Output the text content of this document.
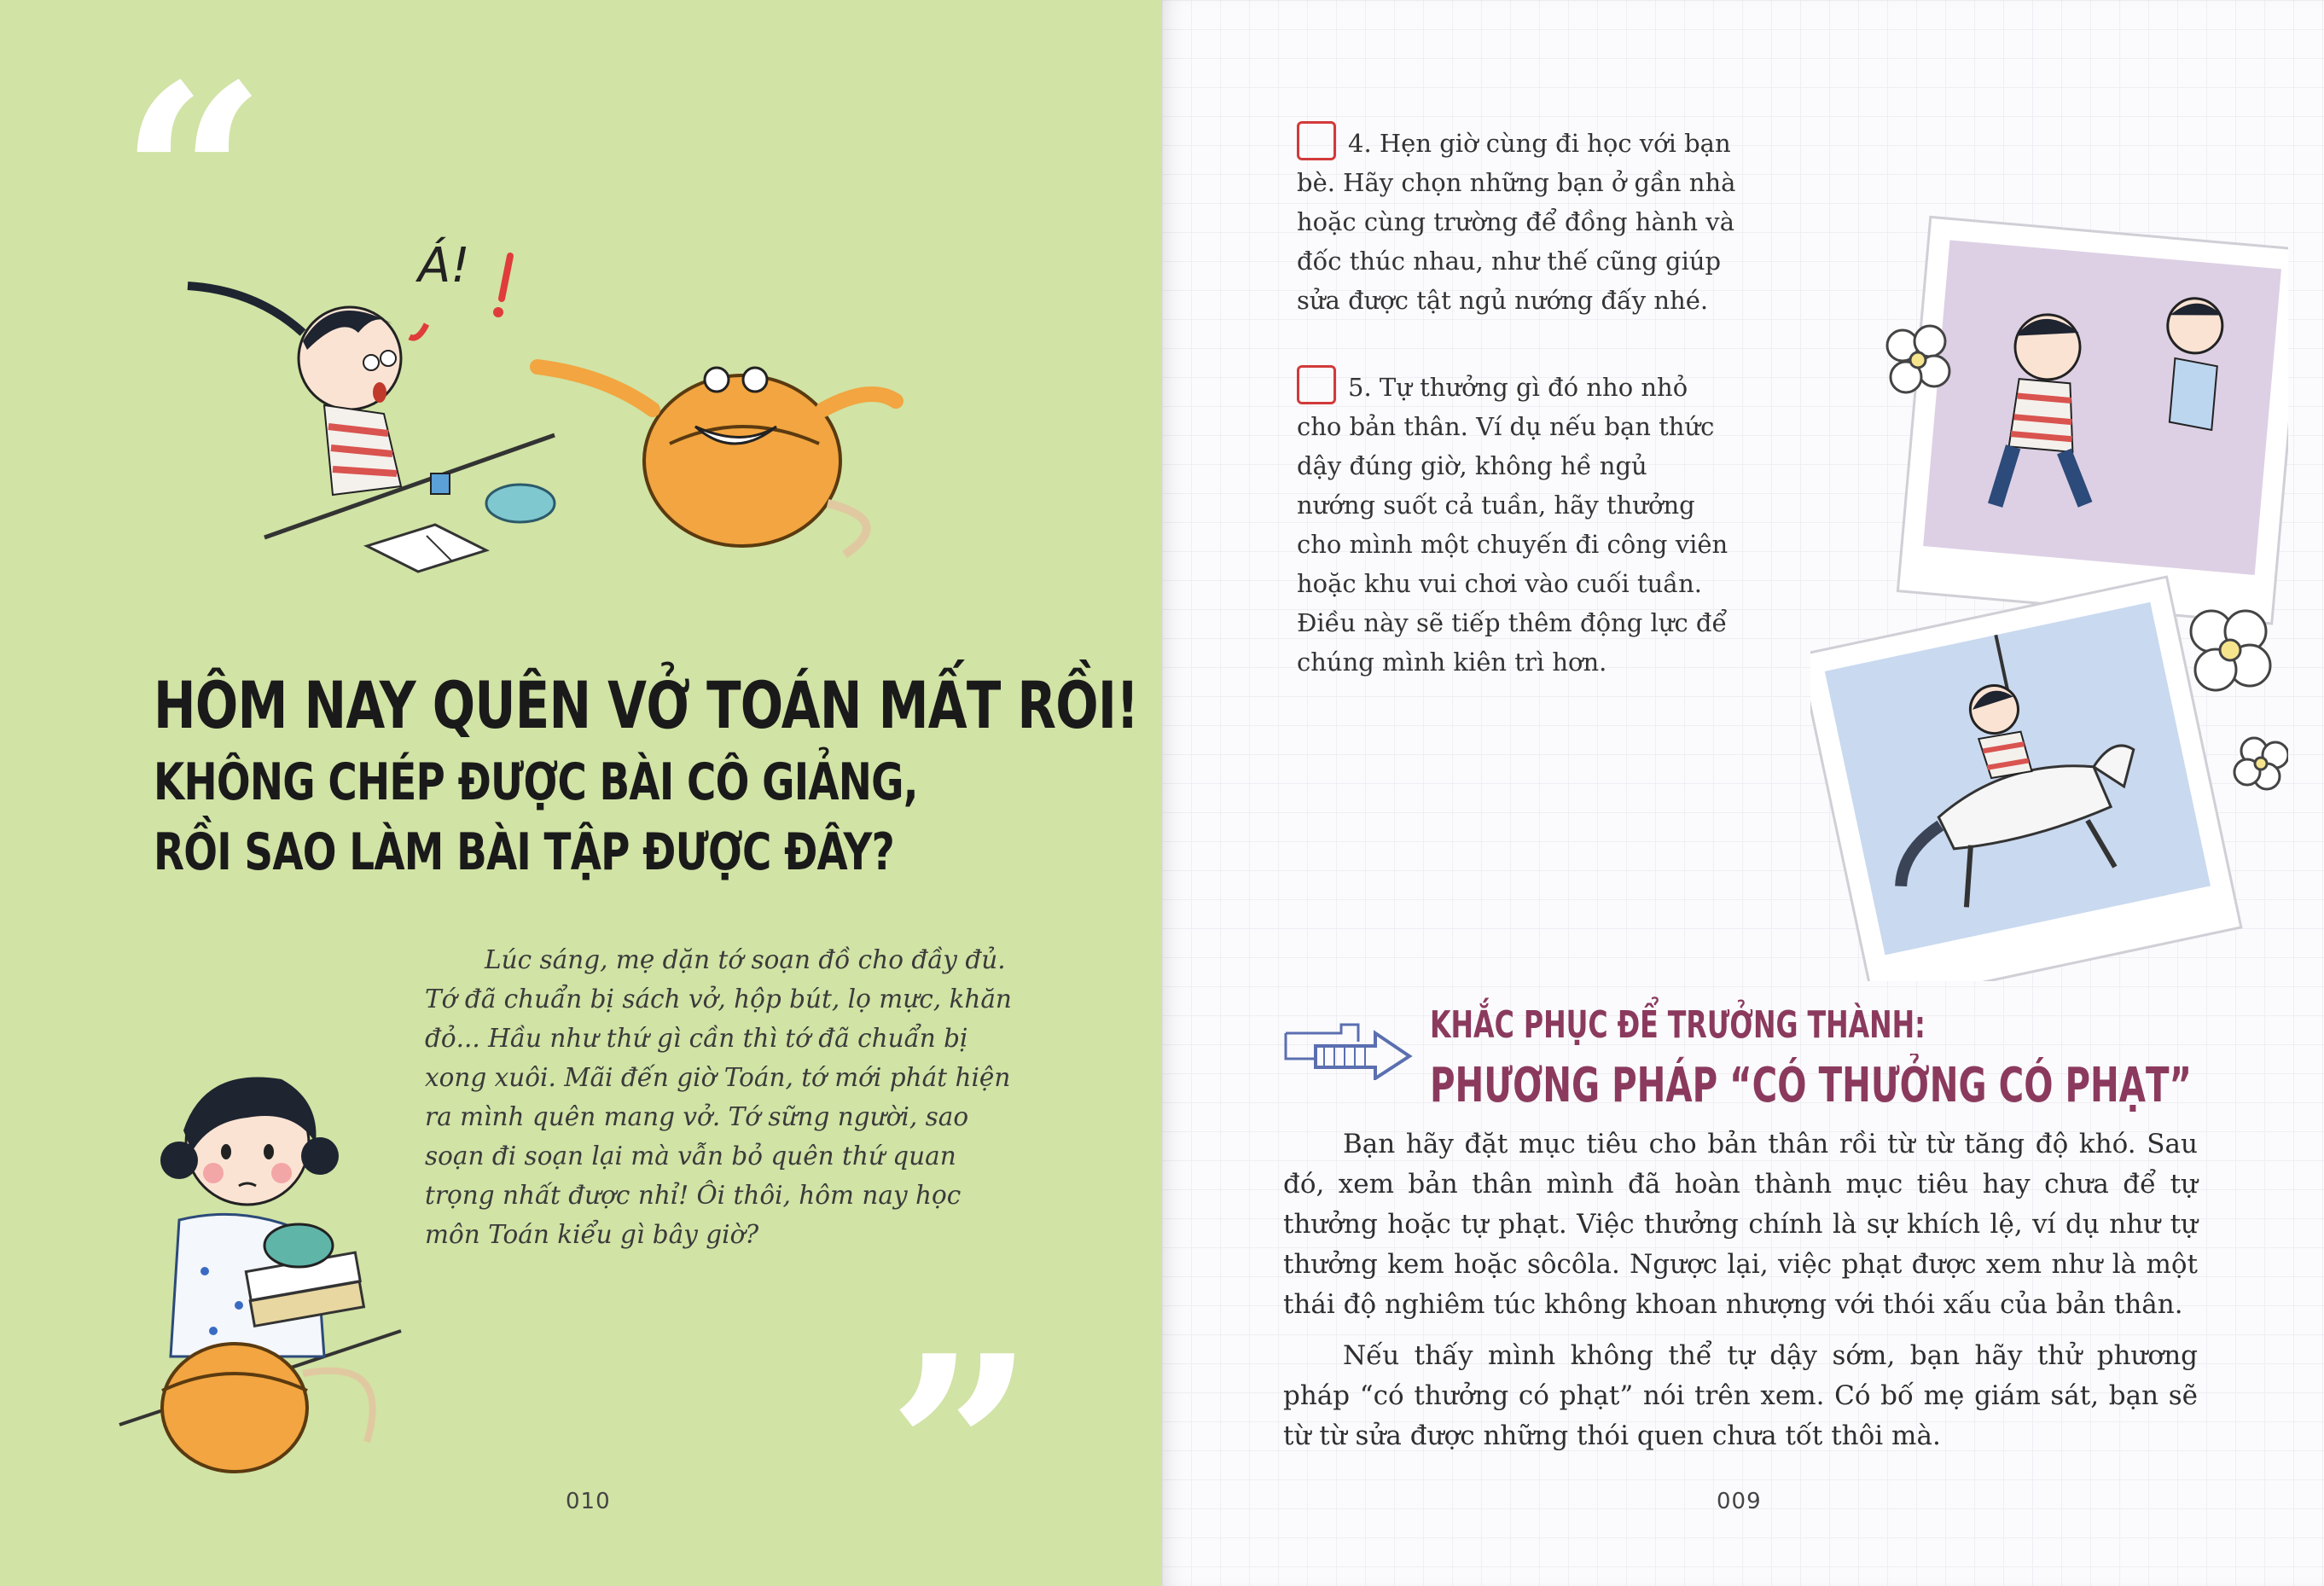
“	Á!
HÔM NAY QUÊN VỞ TOÁN MẤT RỒI!
KHÔNG CHÉP ĐƯỢC BÀI CÔ GIẢNG,
RỒI SAO LÀM BÀI TẬP ĐƯỢC ĐÂY?

Lúc sáng, mẹ dặn tớ soạn đồ cho đầy đủ. Tớ đã chuẩn bị sách vở, hộp bút, lọ mực, khăn đỏ... Hầu như thứ gì cần thì tớ đã chuẩn bị xong xuôi. Mãi đến giờ Toán, tớ mới phát hiện ra mình quên mang vở. Tớ sững người, sao soạn đi soạn lại mà vẫn bỏ quên thứ quan trọng nhất được nhỉ! Ôi thôi, hôm nay học môn Toán kiểu gì bây giờ?

”
010

4. Hẹn giờ cùng đi học với bạn bè. Hãy chọn những bạn ở gần nhà hoặc cùng trường để đồng hành và đốc thúc nhau, như thế cũng giúp sửa được tật ngủ nướng đấy nhé.

5. Tự thưởng gì đó nho nhỏ cho bản thân. Ví dụ nếu bạn thức dậy đúng giờ, không hề ngủ nướng suốt cả tuần, hãy thưởng cho mình một chuyến đi công viên hoặc khu vui chơi vào cuối tuần. Điều này sẽ tiếp thêm động lực để chúng mình kiên trì hơn.

KHẮC PHỤC ĐỂ TRƯỞNG THÀNH:
PHƯƠNG PHÁP “CÓ THƯỞNG CÓ PHẠT”

Bạn hãy đặt mục tiêu cho bản thân rồi từ từ tăng độ khó. Sau đó, xem bản thân mình đã hoàn thành mục tiêu hay chưa để tự thưởng hoặc tự phạt. Việc thưởng chính là sự khích lệ, ví dụ như tự thưởng kem hoặc sôcôla. Ngược lại, việc phạt được xem như là một thái độ nghiêm túc không khoan nhượng với thói xấu của bản thân.

Nếu thấy mình không thể tự dậy sớm, bạn hãy thử phương pháp “có thưởng có phạt” nói trên xem. Có bố mẹ giám sát, bạn sẽ từ từ sửa được những thói quen chưa tốt thôi mà.

009
